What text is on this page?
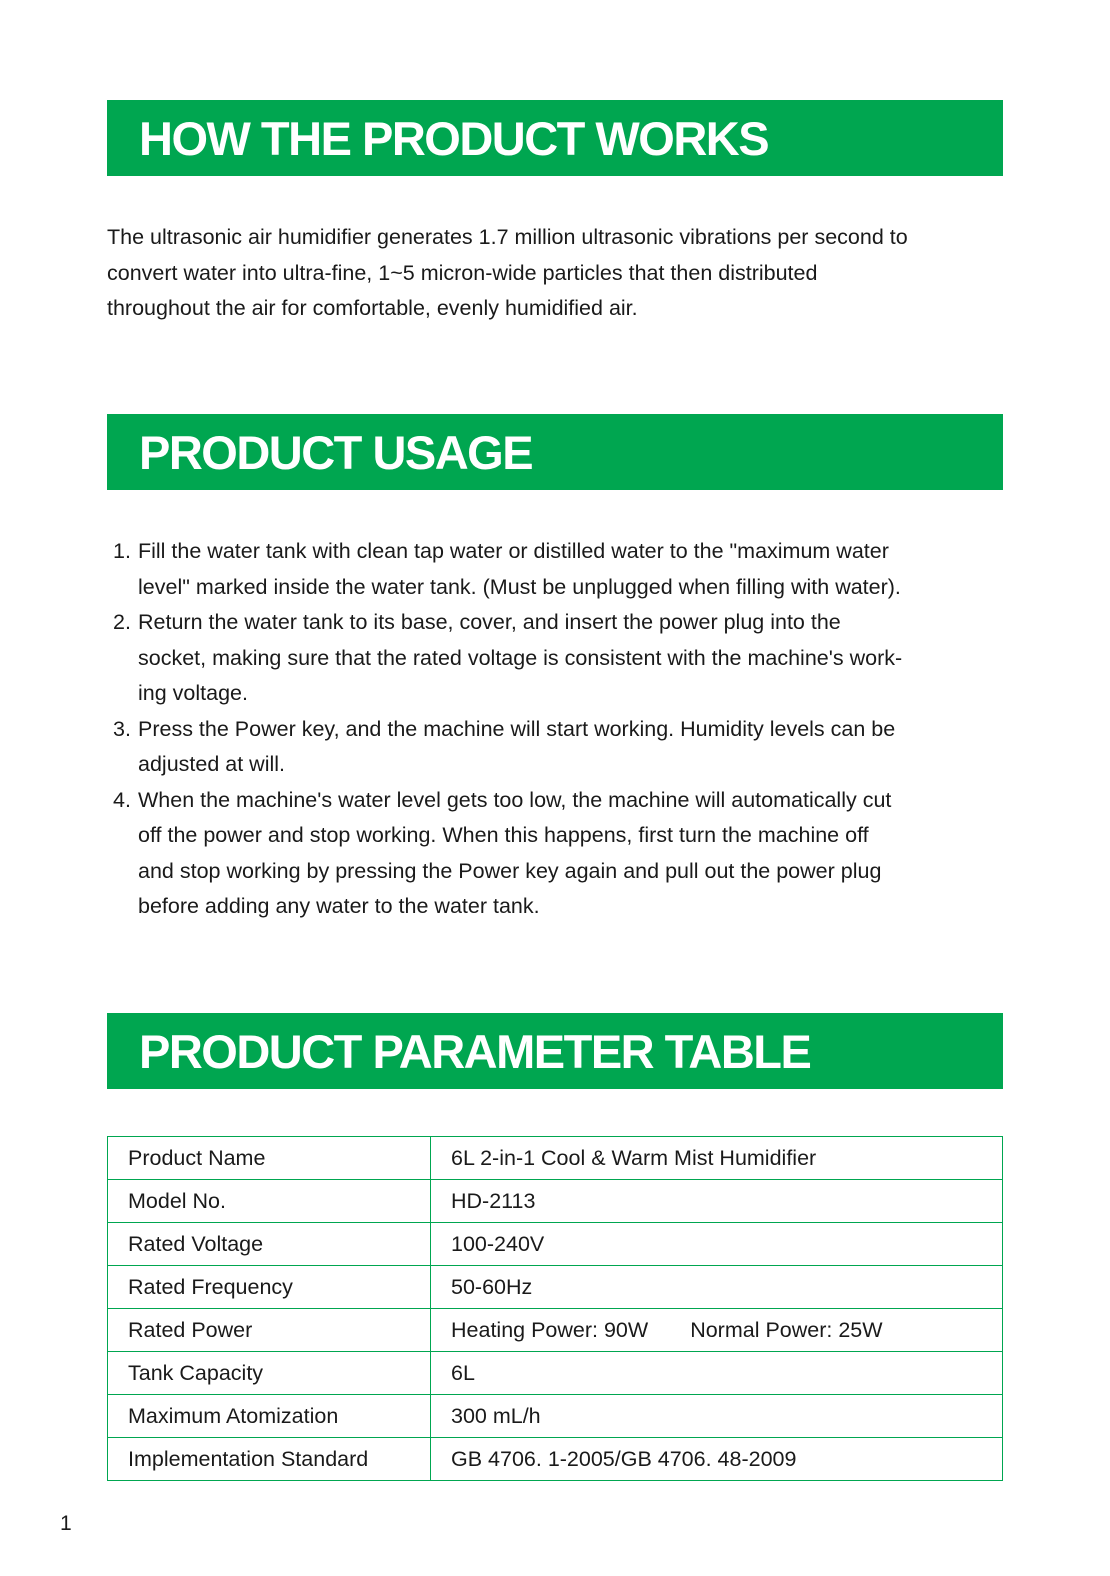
HOW THE PRODUCT WORKS

The ultrasonic air humidifier generates 1.7 million ultrasonic vibrations per second to
convert water into ultra-fine, 1~5 micron-wide particles that then distributed
throughout the air for comfortable, evenly humidified air.

PRODUCT USAGE
1. Fill the water tank with clean tap water or distilled water to the "maximum water
level" marked inside the water tank. (Must be unplugged when filling with water).
2. Return the water tank to its base, cover, and insert the power plug into the
socket, making sure that the rated voltage is consistent with the machine's work-
ing voltage.
3. Press the Power key, and the machine will start working. Humidity levels can be
adjusted at will.
4. When the machine's water level gets too low, the machine will automatically cut
off the power and stop working. When this happens, first turn the machine off
and stop working by pressing the Power key again and pull out the power plug
before adding any water to the water tank.
PRODUCT PARAMETER TABLE
Product Name	6L 2-in-1 Cool & Warm Mist Humidifier
Model No.	HD-2113
Rated Voltage	100-240V
Rated Frequency	50-60Hz
Rated Power	Heating Power: 90W Normal Power: 25W
Tank Capacity	6L
Maximum Atomization	300 mL/h
Implementation Standard	GB 4706. 1-2005/GB 4706. 48-2009
1
